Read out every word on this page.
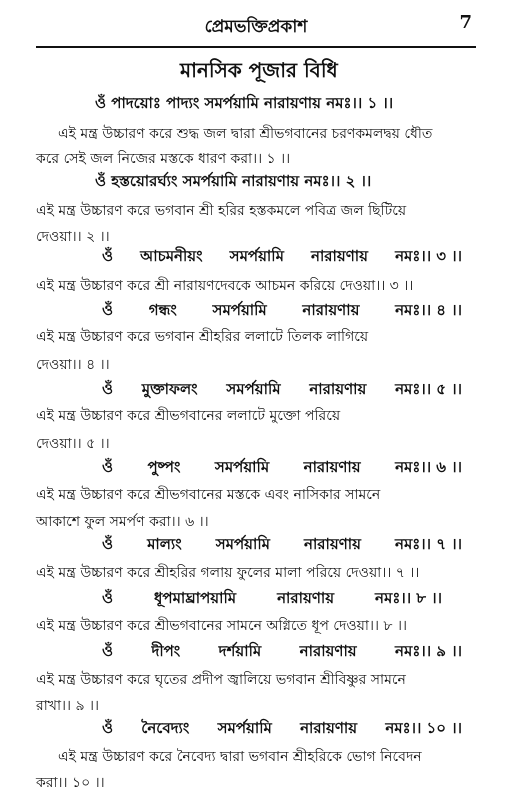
প্রেমভক্তিপ্রকাশ	7
মানসিক পূজার বিধি
ওঁ পাদয়োঃ পাদ্যং সমর্পয়ামি নারায়ণায় নমঃ।। ১ ।।
এই মন্ত্র উচ্চারণ করে শুদ্ধ জল দ্বারা শ্রীভগবানের চরণকমলদ্বয় ধৌত
করে সেই জল নিজের মস্তকে ধারণ করা।। ১ ।।
ওঁ হস্তয়োরর্ঘ্যং সমর্পয়ামি নারায়ণায় নমঃ।। ২ ।।
এই মন্ত্র উচ্চারণ করে ভগবান শ্রী হরির হস্তকমলে পবিত্র জল ছিটিয়ে
দেওয়া।। ২ ।।
ওঁ আচমনীয়ং সমর্পয়ামি নারায়ণায় নমঃ।। ৩ ।।
এই মন্ত্র উচ্চারণ করে শ্রী নারায়ণদেবকে আচমন করিয়ে দেওয়া।। ৩ ।।
ওঁ গন্ধং সমর্পয়ামি নারায়ণায় নমঃ।। ৪ ।।
এই মন্ত্র উচ্চারণ করে ভগবান শ্রীহরির ললাটে তিলক লাগিয়ে
দেওয়া।। ৪ ।।
ওঁ মুক্তাফলং সমর্পয়ামি নারায়ণায় নমঃ।। ৫ ।।
এই মন্ত্র উচ্চারণ করে শ্রীভগবানের ললাটে মুক্তো পরিয়ে
দেওয়া।। ৫ ।।
ওঁ পুষ্পং সমর্পয়ামি নারায়ণায় নমঃ।। ৬ ।।
এই মন্ত্র উচ্চারণ করে শ্রীভগবানের মস্তকে এবং নাসিকার সামনে
আকাশে ফুল সমর্পণ করা।। ৬ ।।
ওঁ মাল্যং সমর্পয়ামি নারায়ণায় নমঃ।। ৭ ।।
এই মন্ত্র উচ্চারণ করে শ্রীহরির গলায় ফুলের মালা পরিয়ে দেওয়া।। ৭ ।।
ওঁ	ধূপমাঘ্রাপয়ামি	নারায়ণায়	নমঃ।। ৮ ।।
এই মন্ত্র উচ্চারণ করে শ্রীভগবানের সামনে অগ্নিতে ধূপ দেওয়া।। ৮ ।।
ওঁ	দীপং	দর্শয়ামি	নারায়ণায়	নমঃ।। ৯ ।।
এই মন্ত্র উচ্চারণ করে ঘৃতের প্রদীপ জ্বালিয়ে ভগবান শ্রীবিষ্ণুর সামনে
রাখা।। ৯ ।।
ওঁ নৈবেদ্যং সমর্পয়ামি নারায়ণায় নমঃ।। ১০ ।।
এই মন্ত্র উচ্চারণ করে নৈবেদ্য দ্বারা ভগবান শ্রীহরিকে ভোগ নিবেদন
করা।। ১০ ।।
